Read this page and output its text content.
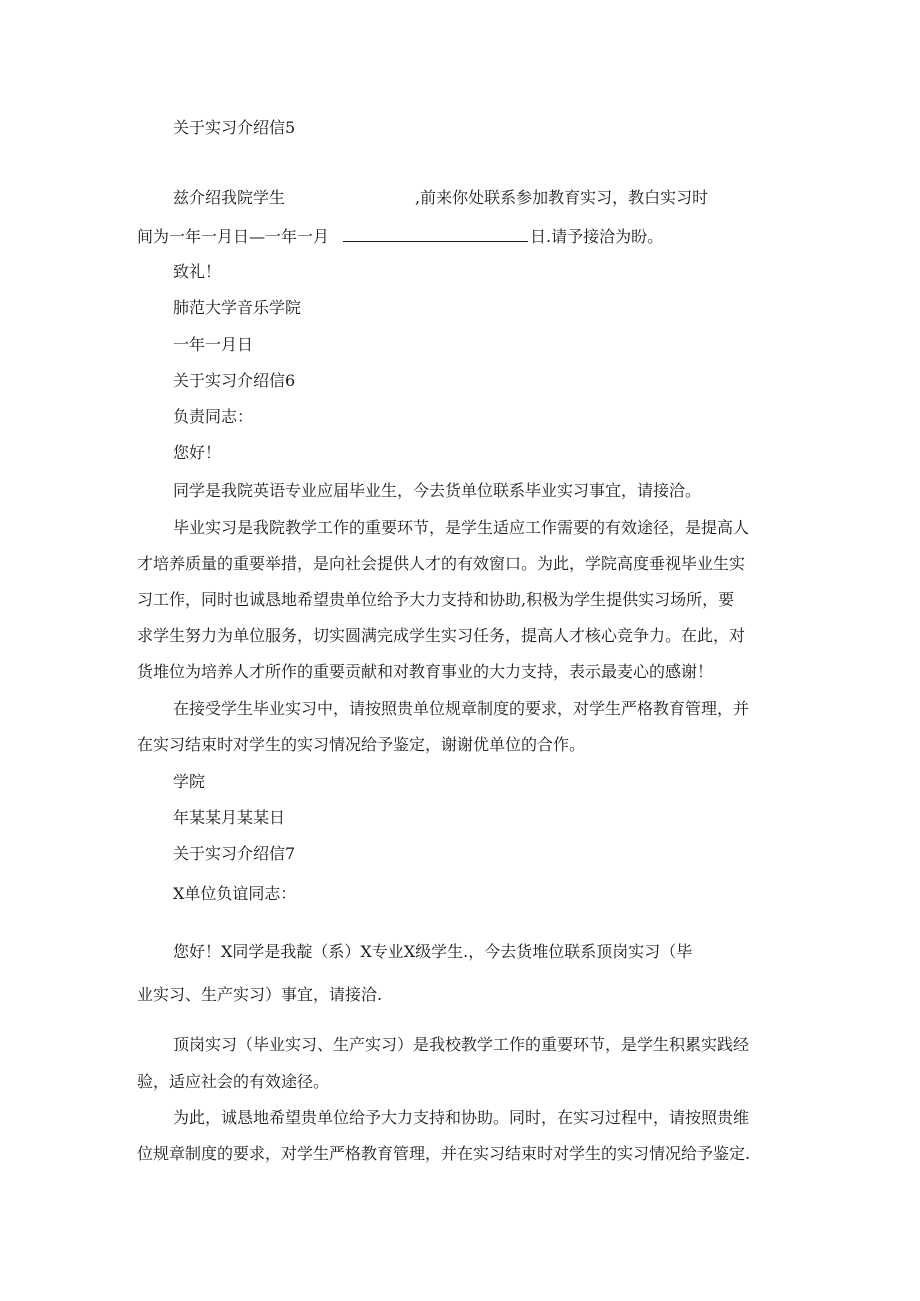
关于实习介绍信5
兹介绍我院学生	,前来你处联系参加教育实习，教白实习时
间为一年一月日—一年一月	日.请予接洽为盼。
致礼！
肺范大学音乐学院
一年一月日
关于实习介绍信6
负责同志：
您好！
同学是我院英语专业应届毕业生，今去货单位联系毕业实习事宜，请接洽。
毕业实习是我院教学工作的重要环节，是学生适应工作需要的有效途径，是提高人
才培养质量的重要举措，是向社会提供人才的有效窗口。为此，学院高度垂视毕业生实
习工作，同时也诚恳地希望贵单位给予大力支持和协助,积极为学生提供实习场所，要
求学生努力为单位服务，切实圆满完成学生实习任务，提高人才核心竞争力。在此，对
货堆位为培养人才所作的重要贡献和对教育事业的大力支持，表示最麦心的感谢！
在接受学生毕业实习中，请按照贵单位规章制度的要求，对学生严格教育管理，并
在实习结束时对学生的实习情况给予鉴定，谢谢优单位的合作。
学院
年某某月某某日
关于实习介绍信7
X单位负谊同志：
您好！X同学是我靛（系）X专业X级学生.，今去货堆位联系顶岗实习（毕
业实习、生产实习）事宜，请接洽.
顶岗实习（毕业实习、生产实习）是我校教学工作的重要环节，是学生积累实践经
验，适应社会的有效途径。
为此，诚恳地希望贵单位给予大力支持和协助。同时，在实习过程中，请按照贵维
位规章制度的要求，对学生严格教育管理，并在实习结束时对学生的实习情况给予鉴定.
